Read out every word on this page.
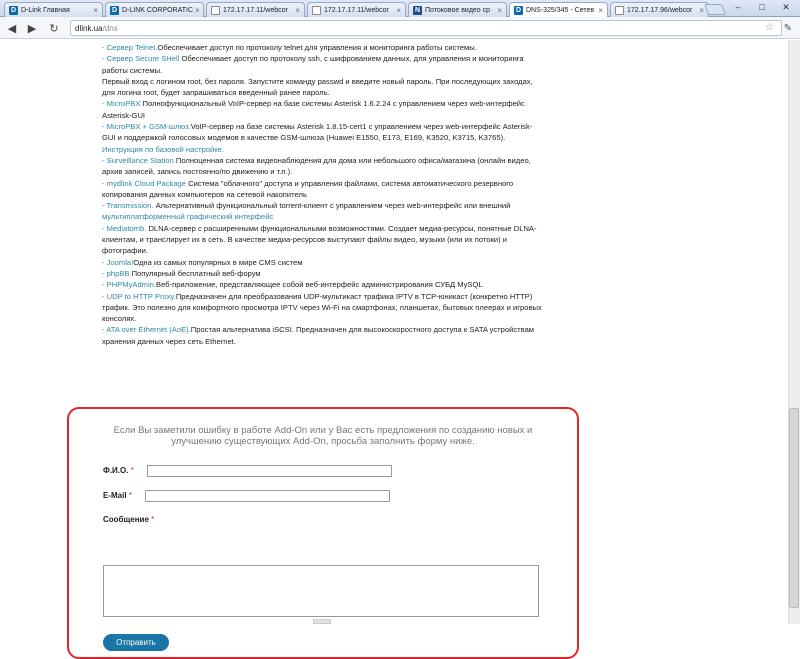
D D-Link Главная	× D D-LINK CORPORATIC ×	172.17.17.11/webcor ×	172.17.17.11/webcor × N Потоковое видео ср × D DNS-325/345 - Сетев ×	172.17.17.96/webcor ×	–	□	✕
◀	▶	↻	dlink.ua /dns	☆ ✎

- Сервер Telnet.Обеспечивает доступ по протоколу telnet для управления и мониторинга работы системы.

- Сервер Secure SHell Обеспечивает доступ по протоколу ssh, с шифрованием данных, для управления и мониторинга работы системы.

Первый вход с логином root, без пароля. Запустите команду passwd и введите новый пароль. При последующих заходах, для логина root, будет запрашиваться введенный ранее пароль.

- MicroPBX Полнофункциональный VoIP-сервер на базе системы Asterisk 1.6.2.24 с управлением через web-интерфейс Asterisk-GUI

- MicroPBX + GSM-шлюз.VoIP-сервер на базе системы Asterisk 1.8.15-cert1 с управлением через web-интерфейс Asterisk-GUI и поддержкой голосовых модемов в качестве GSM-шлюза (Huawei E1550, E173, E169, K3520, K3715, K3765). Инструкция по базовой настройке.

- Surveillance Station.Полноценная система видеонаблюдения для дома или небольшого офиса/магазина (онлайн видео, архив записей, запись постоянно/по движению и т.п.).

- mydlink Cloud Package Система "облачного" доступа и управления файлами, система автоматического резервного копирования данных компьютеров на сетевой накопитель

- Transmission. Альтернативный функциональный torrent-клиент с управлением через web-интерфейс или внешний мультиплатформенный графический интерфейс

- Mediatomb. DLNA-сервер с расширенными функциональными возможностями. Создает медиа-ресурсы, понятные DLNA-клиентам, и транслирует их в сеть. В качестве медиа-ресурсов выступают файлы видео, музыки (или их потоки) и фотографии.

- Joomla!Одна из самых популярных в мире CMS систем

- phpBB.Популярный бесплатный веб-форум

- PHPMyAdmin.Веб-приложение, представляющее собой веб-интерфейс администрирования СУБД MySQL

- UDP to HTTP Proxy.Предназначен для преобразования UDP-мультикаст трафика IPTV в TCP-юникаст (конкретно HTTP) трафик. Это полезно для комфортного просмотра IPTV через Wi-Fi на смартфонах, планшетах, бытовых плеерах и игровых консолях.

- ATA over Ethernet (AoE).Простая альтернатива iSCSI. Предназначен для высокоскоростного доступа к SATA устройствам хранения данных через сеть Ethernet.

Если Вы заметили ошибку в работе Add-On или у Вас есть предложения по созданию новых и улучшению существующих Add-On, просьба заполнить форму ниже.
Ф.И.О. *
E-Mail *
Сообщение *
Отправить
